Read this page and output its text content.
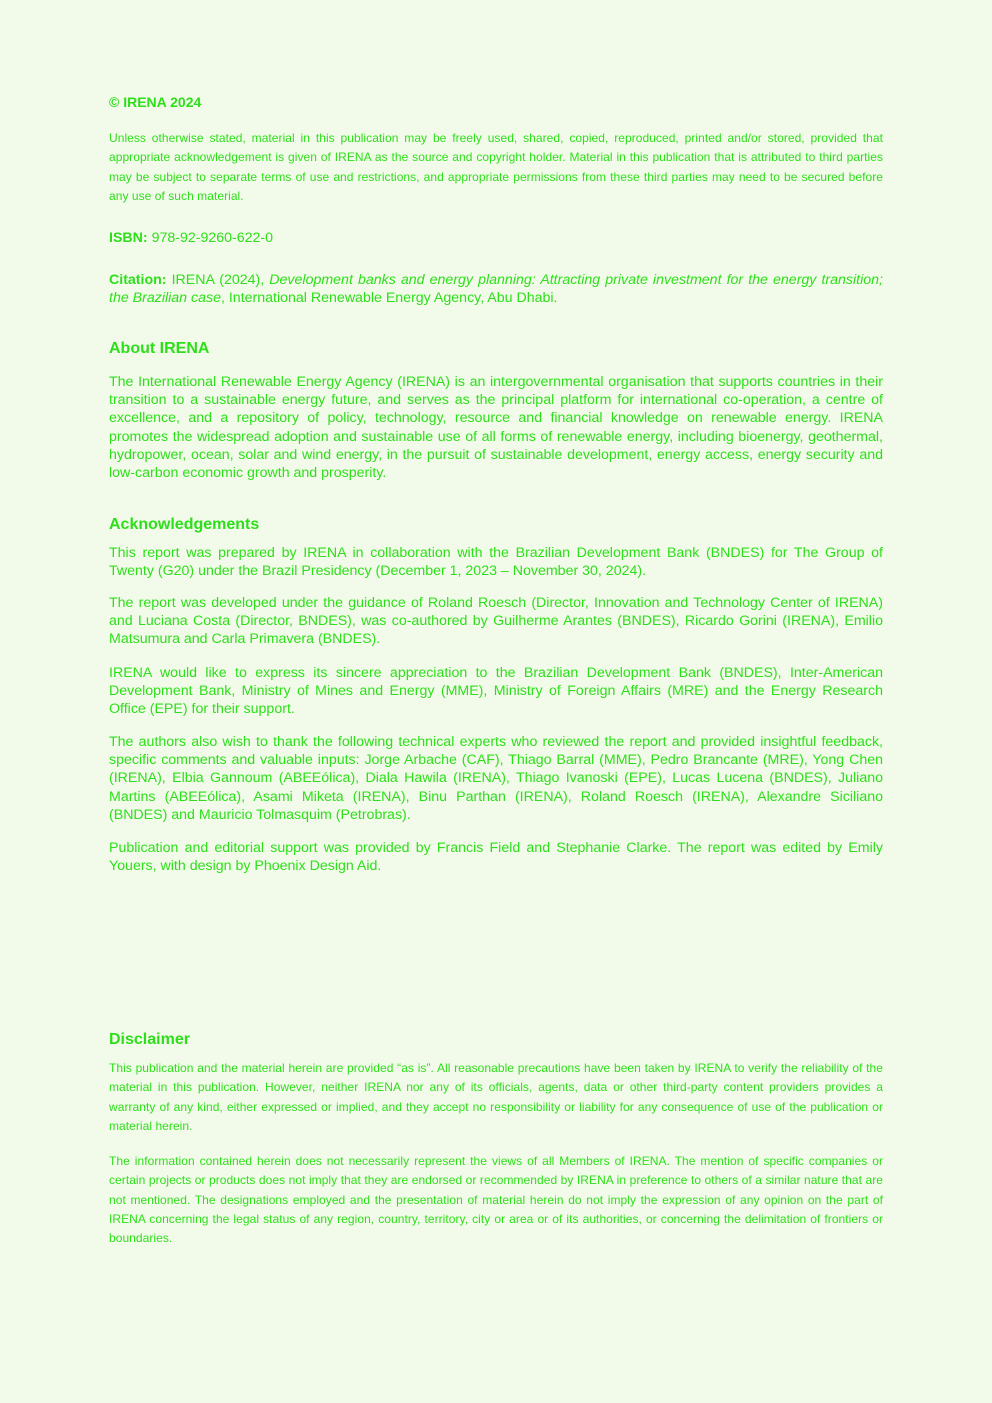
© IRENA 2024

Unless otherwise stated, material in this publication may be freely used, shared, copied, reproduced, printed and/or stored, provided that appropriate acknowledgement is given of IRENA as the source and copyright holder. Material in this publication that is attributed to third parties may be subject to separate terms of use and restrictions, and appropriate permissions from these third parties may need to be secured before any use of such material.

ISBN: 978-92-9260-622-0

Citation: IRENA (2024), Development banks and energy planning: Attracting private investment for the energy transition; the Brazilian case, International Renewable Energy Agency, Abu Dhabi.

About IRENA

The International Renewable Energy Agency (IRENA) is an intergovernmental organisation that supports countries in their transition to a sustainable energy future, and serves as the principal platform for international co-operation, a centre of excellence, and a repository of policy, technology, resource and financial knowledge on renewable energy. IRENA promotes the widespread adoption and sustainable use of all forms of renewable energy, including bioenergy, geothermal, hydropower, ocean, solar and wind energy, in the pursuit of sustainable development, energy access, energy security and low-carbon economic growth and prosperity.

Acknowledgements

This report was prepared by IRENA in collaboration with the Brazilian Development Bank (BNDES) for The Group of Twenty (G20) under the Brazil Presidency (December 1, 2023 – November 30, 2024).

The report was developed under the guidance of Roland Roesch (Director, Innovation and Technology Center of IRENA) and Luciana Costa (Director, BNDES), was co-authored by Guilherme Arantes (BNDES), Ricardo Gorini (IRENA), Emilio Matsumura and Carla Primavera (BNDES).

IRENA would like to express its sincere appreciation to the Brazilian Development Bank (BNDES), Inter-American Development Bank, Ministry of Mines and Energy (MME), Ministry of Foreign Affairs (MRE) and the Energy Research Office (EPE) for their support.

The authors also wish to thank the following technical experts who reviewed the report and provided insightful feedback, specific comments and valuable inputs: Jorge Arbache (CAF), Thiago Barral (MME), Pedro Brancante (MRE), Yong Chen (IRENA), Elbia Gannoum (ABEEólica), Diala Hawila (IRENA), Thiago Ivanoski (EPE), Lucas Lucena (BNDES), Juliano Martins (ABEEólica), Asami Miketa (IRENA), Binu Parthan (IRENA), Roland Roesch (IRENA), Alexandre Siciliano (BNDES) and Mauricio Tolmasquim (Petrobras).

Publication and editorial support was provided by Francis Field and Stephanie Clarke. The report was edited by Emily Youers, with design by Phoenix Design Aid.

Disclaimer

This publication and the material herein are provided “as is”. All reasonable precautions have been taken by IRENA to verify the reliability of the material in this publication. However, neither IRENA nor any of its officials, agents, data or other third-party content providers provides a warranty of any kind, either expressed or implied, and they accept no responsibility or liability for any consequence of use of the publication or material herein.

The information contained herein does not necessarily represent the views of all Members of IRENA. The mention of specific companies or certain projects or products does not imply that they are endorsed or recommended by IRENA in preference to others of a similar nature that are not mentioned. The designations employed and the presentation of material herein do not imply the expression of any opinion on the part of IRENA concerning the legal status of any region, country, territory, city or area or of its authorities, or concerning the delimitation of frontiers or boundaries.
